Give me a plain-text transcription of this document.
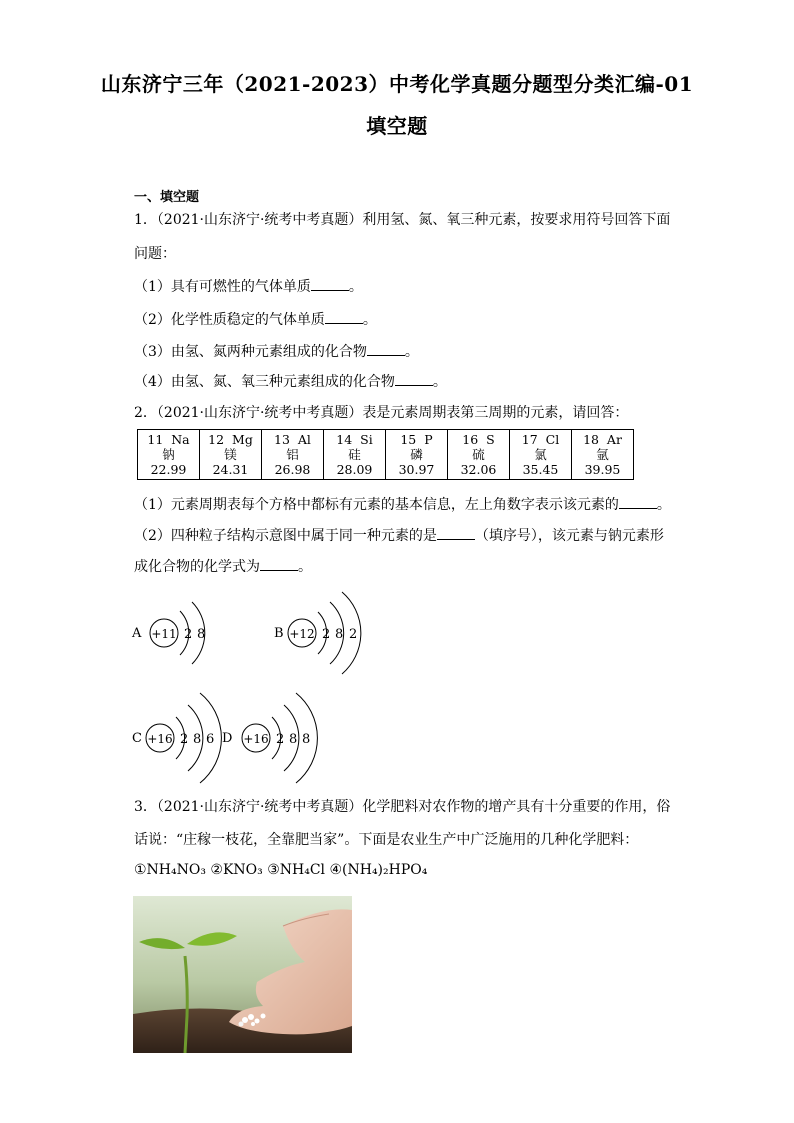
山东济宁三年（2021-2023）中考化学真题分题型分类汇编-01
填空题
一、填空题
1．（2021·山东济宁·统考中考真题）利用氢、氮、氧三种元素，按要求用符号回答下面
问题：
（1）具有可燃性的气体单质	。
（2）化学性质稳定的气体单质	。
（3）由氢、氮两种元素组成的化合物	。
（4）由氢、氮、氧三种元素组成的化合物	。
2．（2021·山东济宁·统考中考真题）表是元素周期表第三周期的元素，请回答：
11 Na
钠
22.99	12 Mg
镁
24.31	13 Al
铝
26.98	14 Si
硅
28.09	15 P
磷
30.97	16 S
硫
32.06	17 Cl
氯
35.45	18 Ar
氩
39.95
（1）元素周期表每个方格中都标有元素的基本信息，左上角数字表示该元素的	。
（2）四种粒子结构示意图中属于同一种元素的是	（填序号），该元素与钠元素形
成化合物的化学式为	。
A +11 2 8	B +12 2 8 2
C +16 2 8 6 D +16 2 8 8
3．（2021·山东济宁·统考中考真题）化学肥料对农作物的增产具有十分重要的作用，俗
话说：“庄稼一枝花，全靠肥当家”。下面是农业生产中广泛施用的几种化学肥料：
①NH₄NO₃ ②KNO₃ ③NH₄Cl ④(NH₄)₂HPO₄
